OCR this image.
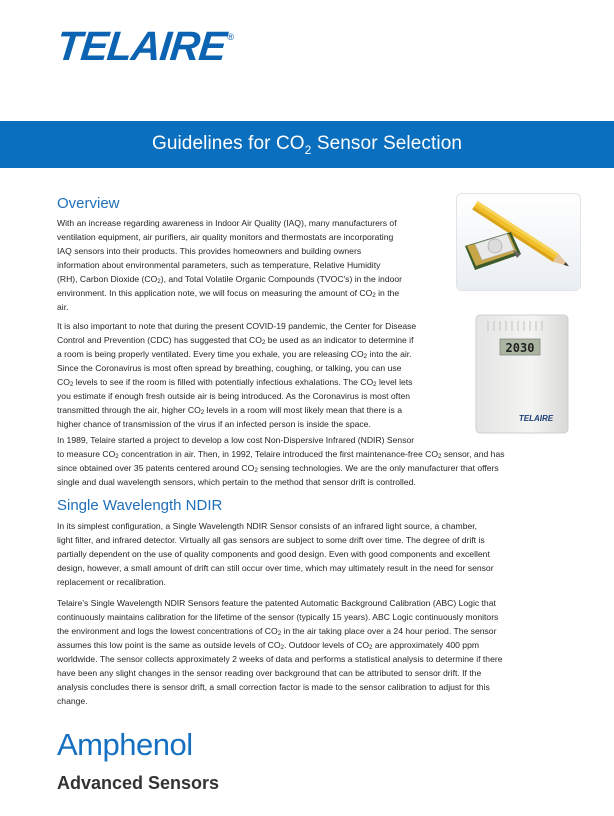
TELAIRE®
Guidelines for $CO_2$ Sensor Selection
Overview
With an increase regarding awareness in Indoor Air Quality (IAQ), many manufacturers of
ventilation equipment, air purifiers, air quality monitors and thermostats are incorporating
IAQ sensors into their products. This provides homeowners and building owners
information about environmental parameters, such as temperature, Relative Humidity
(RH), Carbon Dioxide $(CO_2)$, and Total Volatile Organic Compounds (TVOC's) in the indoor
environment. In this application note, we will focus on measuring the amount of $CO_2$ in the
air.
It is also important to note that during the present COVID-19 pandemic, the Center for Disease
Control and Prevention (CDC) has suggested that $CO_2$ be used as an indicator to determine if
a room is being properly ventilated. Every time you exhale, you are releasing $CO_2$ into the air.
Since the Coronavirus is most often spread by breathing, coughing, or talking, you can use
$CO_2$ levels to see if the room is filled with potentially infectious exhalations. The $CO_2$ level lets
you estimate if enough fresh outside air is being introduced. As the Coronavirus is most often
transmitted through the air, higher $CO_2$ levels in a room will most likely mean that there is a
higher chance of transmission of the virus if an infected person is inside the space.
In 1989, Telaire started a project to develop a low cost Non-Dispersive Infrared (NDIR) Sensor
to measure $CO_2$ concentration in air. Then, in 1992, Telaire introduced the first maintenance-free $CO_2$ sensor, and has
since obtained over 35 patents centered around $CO_2$ sensing technologies. We are the only manufacturer that offers
single and dual wavelength sensors, which pertain to the method that sensor drift is controlled.
Single Wavelength NDIR
In its simplest configuration, a Single Wavelength NDIR Sensor consists of an infrared light source, a chamber,
light filter, and infrared detector. Virtually all gas sensors are subject to some drift over time. The degree of drift is
partially dependent on the use of quality components and good design. Even with good components and excellent
design, however, a small amount of drift can still occur over time, which may ultimately result in the need for sensor
replacement or recalibration.
Telaire's Single Wavelength NDIR Sensors feature the patented Automatic Background Calibration (ABC) Logic that
continuously maintains calibration for the lifetime of the sensor (typically 15 years). ABC Logic continuously monitors
the environment and logs the lowest concentrations of $CO_2$ in the air taking place over a 24 hour period. The sensor
assumes this low point is the same as outside levels of $CO_2$. Outdoor levels of $CO_2$ are approximately 400 ppm
worldwide. The sensor collects approximately 2 weeks of data and performs a statistical analysis to determine if there
have been any slight changes in the sensor reading over background that can be attributed to sensor drift. If the
analysis concludes there is sensor drift, a small correction factor is made to the sensor calibration to adjust for this
change.
2030
TELAIRE
Amphenol
Advanced Sensors
